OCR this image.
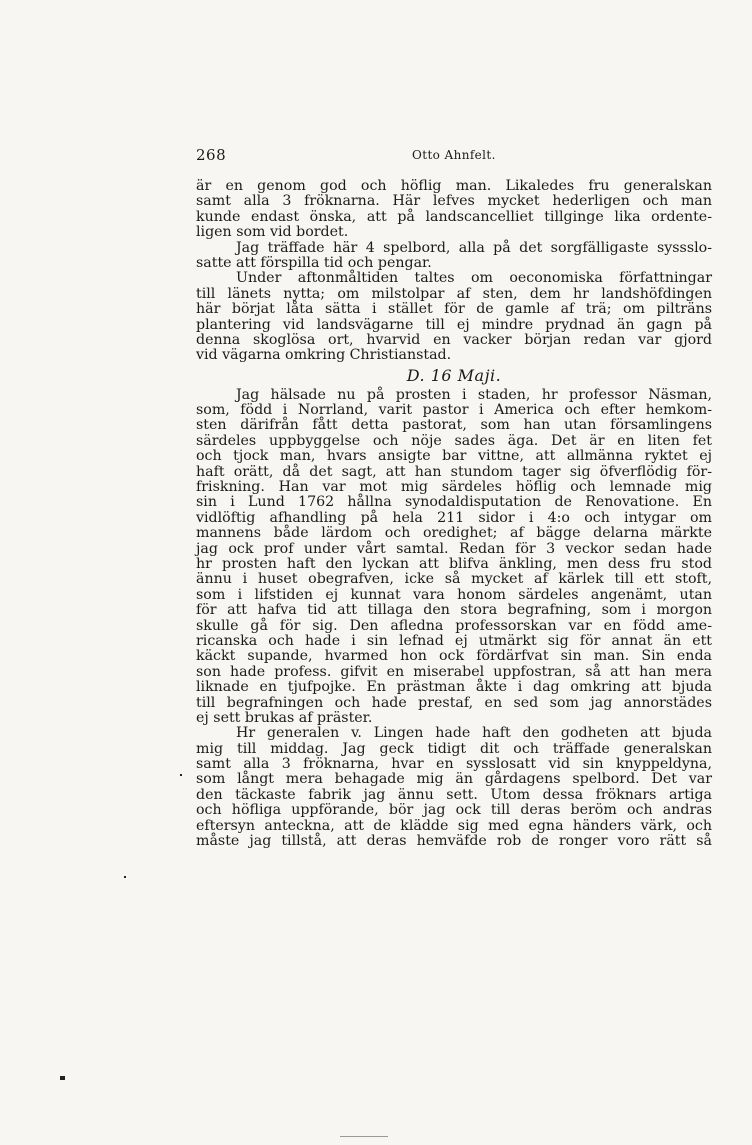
268	Otto Ahnfelt.
är en genom god och höflig man. Likaledes fru generalskan
samt alla 3 fröknarna. Här lefves mycket hederligen och man
kunde endast önska, att på landscancelliet tillginge lika ordente-
ligen som vid bordet.
Jag träffade här 4 spelbord, alla på det sorgfälligaste syssslo-
satte att förspilla tid och pengar.
Under aftonmåltiden taltes om oeconomiska författningar
till länets nytta; om milstolpar af sten, dem hr landshöfdingen
här börjat låta sätta i stället för de gamle af trä; om pilträns
plantering vid landsvägarne till ej mindre prydnad än gagn på
denna skoglösa ort, hvarvid en vacker början redan var gjord
vid vägarna omkring Christianstad.
D. 16 Maji.
Jag hälsade nu på prosten i staden, hr professor Näsman,
som, född i Norrland, varit pastor i America och efter hemkom-
sten därifrån fått detta pastorat, som han utan församlingens
särdeles uppbyggelse och nöje sades äga. Det är en liten fet
och tjock man, hvars ansigte bar vittne, att allmänna ryktet ej
haft orätt, då det sagt, att han stundom tager sig öfverflödig för-
friskning. Han var mot mig särdeles höflig och lemnade mig
sin i Lund 1762 hållna synodaldisputation de Renovatione. En
vidlöftig afhandling på hela 211 sidor i 4:o och intygar om
mannens både lärdom och oredighet; af bägge delarna märkte
jag ock prof under vårt samtal. Redan för 3 veckor sedan hade
hr prosten haft den lyckan att blifva änkling, men dess fru stod
ännu i huset obegrafven, icke så mycket af kärlek till ett stoft,
som i lifstiden ej kunnat vara honom särdeles angenämt, utan
för att hafva tid att tillaga den stora begrafning, som i morgon
skulle gå för sig. Den afledna professorskan var en född ame-
ricanska och hade i sin lefnad ej utmärkt sig för annat än ett
käckt supande, hvarmed hon ock fördärfvat sin man. Sin enda
son hade profess. gifvit en miserabel uppfostran, så att han mera
liknade en tjufpojke. En prästman åkte i dag omkring att bjuda
till begrafningen och hade prestaf, en sed som jag annorstädes
ej sett brukas af präster.
Hr generalen v. Lingen hade haft den godheten att bjuda
mig till middag. Jag geck tidigt dit och träffade generalskan
samt alla 3 fröknarna, hvar en sysslosatt vid sin knyppeldyna,
som långt mera behagade mig än gårdagens spelbord. Det var
den täckaste fabrik jag ännu sett. Utom dessa fröknars artiga
och höfliga uppförande, bör jag ock till deras beröm och andras
eftersyn anteckna, att de klädde sig med egna händers värk, och
måste jag tillstå, att deras hemväfde rob de ronger voro rätt så
